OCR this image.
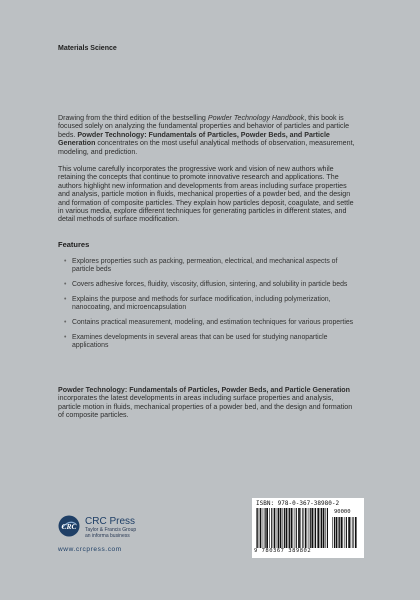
Materials Science

Drawing from the third edition of the bestselling Powder Technology Handbook, this book is focused solely on analyzing the fundamental properties and behavior of particles and particle beds. Powder Technology: Fundamentals of Particles, Powder Beds, and Particle Generation concentrates on the most useful analytical methods of observation, measurement, modeling, and prediction.

This volume carefully incorporates the progressive work and vision of new authors while retaining the concepts that continue to promote innovative research and applications. The authors highlight new information and developments from areas including surface properties and analysis, particle motion in fluids, mechanical properties of a powder bed, and the design and formation of composite particles. They explain how particles deposit, coagulate, and settle in various media, explore different techniques for generating particles in different states, and detail methods of surface modification.

Features
• Explores properties such as packing, permeation, electrical, and mechanical aspects of particle beds
• Covers adhesive forces, fluidity, viscosity, diffusion, sintering, and solubility in particle beds
• Explains the purpose and methods for surface modification, including polymerization, nanocoating, and microencapsulation
• Contains practical measurement, modeling, and estimation techniques for various properties
• Examines developments in several areas that can be used for studying nanoparticle applications

Powder Technology: Fundamentals of Particles, Powder Beds, and Particle Generation incorporates the latest developments in areas including surface properties and analysis, particle motion in fluids, mechanical properties of a powder bed, and the design and formation of composite particles.

CRC CRC Press
Taylor & Francis Group
an informa business
www.crcpress.com
ISBN: 978-0-367-38980-2
90000
9 780367 389802
